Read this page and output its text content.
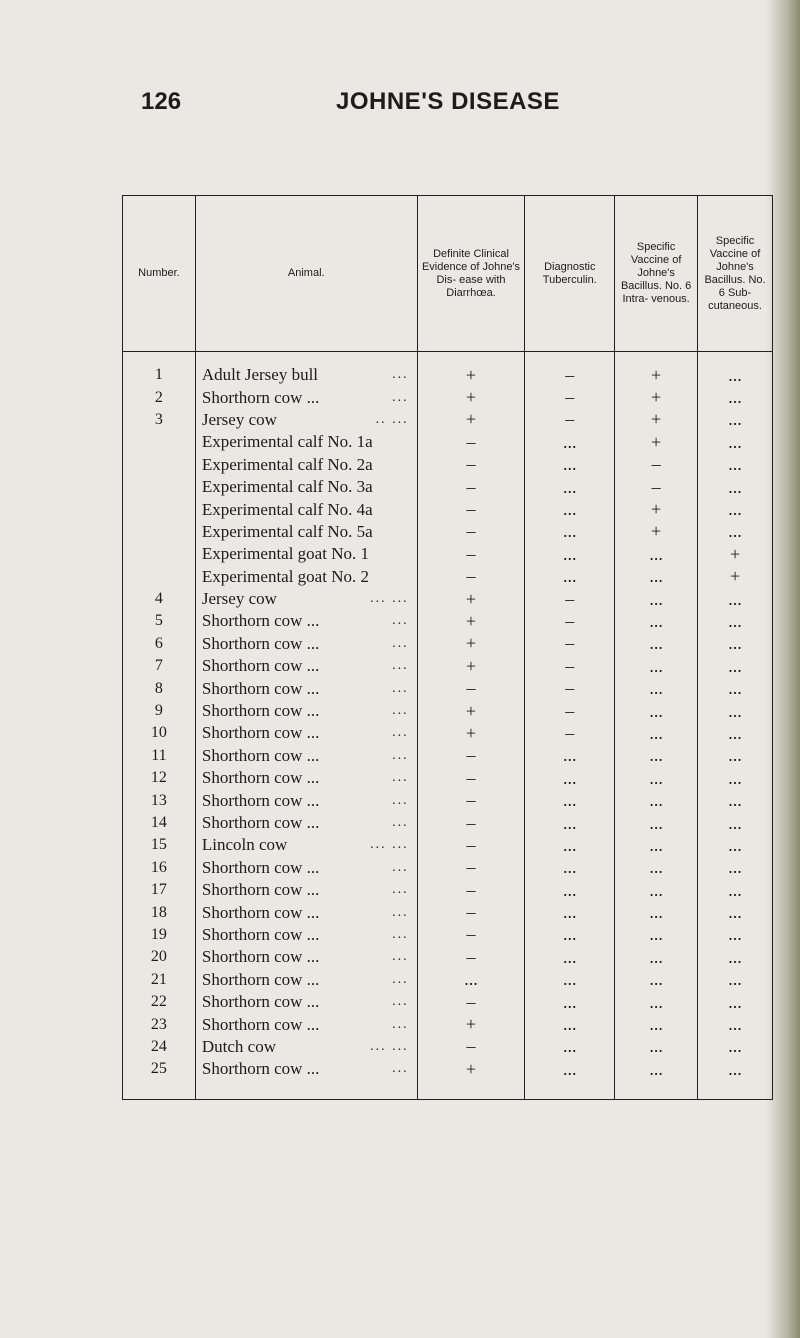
126	JOHNE'S DISEASE
Number.	Animal.	Definite Clinical Evidence of Johne's Dis- ease with Diarrhœa.	Diagnostic Tuberculin.	Specific Vaccine of Johne's Bacillus. No. 6 Intra- venous.	Specific Vaccine of Johne's Bacillus. No. 6 Sub- cutaneous.
1	Adult Jersey bull ...	+	–	+	...
2	Shorthorn cow ... ...	+	–	+	...
3	Jersey cow .. ...	+	–	+	...
	Experimental calf No. 1a	–	...	+	...
	Experimental calf No. 2a	–	...	–	...
	Experimental calf No. 3a	–	...	–	...
	Experimental calf No. 4a	–	...	+	...
	Experimental calf No. 5a	–	...	+	...
	Experimental goat No. 1	–	...	...	+
	Experimental goat No. 2	–	...	...	+
4	Jersey cow ... ...	+	–	...	...
5	Shorthorn cow ... ...	+	–	...	...
6	Shorthorn cow ... ...	+	–	...	...
7	Shorthorn cow ... ...	+	–	...	...
8	Shorthorn cow ... ...	–	–	...	...
9	Shorthorn cow ... ...	+	–	...	...
10	Shorthorn cow ... ...	+	–	...	...
11	Shorthorn cow ... ...	–	...	...	...
12	Shorthorn cow ... ...	–	...	...	...
13	Shorthorn cow ... ...	–	...	...	...
14	Shorthorn cow ... ...	–	...	...	...
15	Lincoln cow ... ...	–	...	...	...
16	Shorthorn cow ... ...	–	...	...	...
17	Shorthorn cow ... ...	–	...	...	...
18	Shorthorn cow ... ...	–	...	...	...
19	Shorthorn cow ... ...	–	...	...	...
20	Shorthorn cow ... ...	–	...	...	...
21	Shorthorn cow ... ...	...	...	...	...
22	Shorthorn cow ... ...	–	...	...	...
23	Shorthorn cow ... ...	+	...	...	...
24	Dutch cow ... ...	–	...	...	...
25	Shorthorn cow ... ...	+	...	...	...
